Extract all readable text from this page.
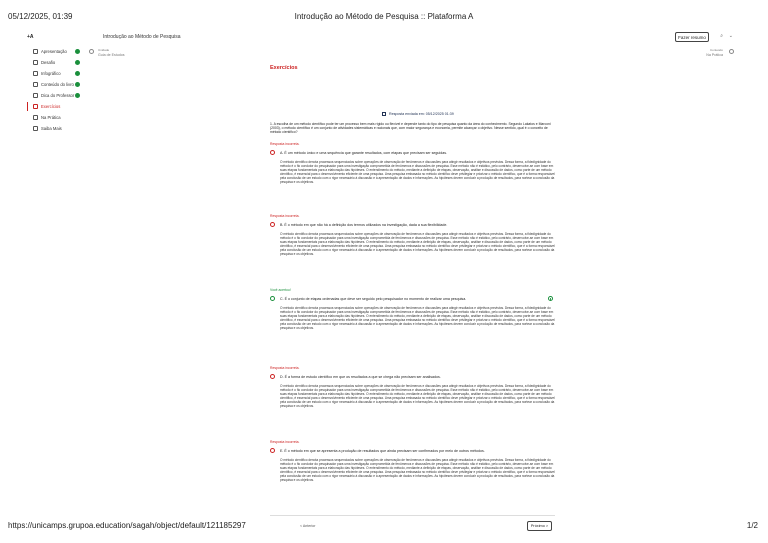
05/12/2025, 01:39	Introdução ao Método de Pesquisa :: Plataforma A
+A	Introdução ao Método de Pesquisa	Fazer resumo	⌕ ⌄
Apresentação
Desafio
Infográfico
Conteúdo do livro
Dica do Professor
Exercícios
Na Prática
Saiba Mais
Unidade
Guia de Estudos
Conteúdo
Na Prática
Exercícios
Resposta enviada em: 05/12/2025 01:39
1. A escolha de um método científico pode ter um processo bem mais rígido ou flexível e depende tanto do tipo de pesquisa quanto da área do conhecimento. Segundo Lakatos e Marconi (2003), o método científico é um conjunto de atividades sistemáticas e racionais que, com maior segurança e economia, permite alcançar o objetivo. Nesse sentido, qual é o conceito de método científico?
Resposta incorreta.
A. É um método único e uma sequência que garante resultados, com etapas que precisam ser seguidas.
O método científico denota processos sequenciados sobre operações de observação de fenômenos e discussões para atingir resultados e objetivos previstos. Dessa forma, a fidedignidade do método é o fio condutor do pesquisador para uma investigação comprometida de fenômenos e discussões de pesquisa. Esse método não é estático, pelo contrário, desenvolve-se com base em suas etapas fundamentais para a elaboração das hipóteses. O entendimento do método, mediante a definição de etapas, observação, análise e discussão de dados, como parte de um método científico, é essencial para o desenvolvimento eficiente de uma pesquisa. Uma pesquisa embasada no método científico deve privilegiar e priorizar o método científico, que é a forma responsável pela conclusão de um estudo com o rigor necessário à discussão e à apresentação de dados e informações. As hipóteses devem conduzir a produção de resultados, para nortear a conclusão da pesquisa e os objetivos.
Resposta incorreta.
B. É o método em que não há a definição dos termos utilizados na investigação, dada a sua flexibilidade.
O método científico denota processos sequenciados sobre operações de observação de fenômenos e discussões para atingir resultados e objetivos previstos. Dessa forma, a fidedignidade do método é o fio condutor do pesquisador para uma investigação comprometida de fenômenos e discussões de pesquisa. Esse método não é estático, pelo contrário, desenvolve-se com base em suas etapas fundamentais para a elaboração das hipóteses. O entendimento do método, mediante a definição de etapas, observação, análise e discussão de dados, como parte de um método científico, é essencial para o desenvolvimento eficiente de uma pesquisa. Uma pesquisa embasada no método científico deve privilegiar e priorizar o método científico, que é a forma responsável pela conclusão de um estudo com o rigor necessário à discussão e à apresentação de dados e informações. As hipóteses devem conduzir a produção de resultados, para nortear a conclusão da pesquisa e os objetivos.
Você acertou!
C. É o conjunto de etapas ordenadas que deve ser seguido pelo pesquisador no momento de realizar uma pesquisa.
O método científico denota processos sequenciados sobre operações de observação de fenômenos e discussões para atingir resultados e objetivos previstos. Dessa forma, a fidedignidade do método é o fio condutor do pesquisador para uma investigação comprometida de fenômenos e discussões de pesquisa. Esse método não é estático, pelo contrário, desenvolve-se com base em suas etapas fundamentais para a elaboração das hipóteses. O entendimento do método, mediante a definição de etapas, observação, análise e discussão de dados, como parte de um método científico, é essencial para o desenvolvimento eficiente de uma pesquisa. Uma pesquisa embasada no método científico deve privilegiar e priorizar o método científico, que é a forma responsável pela conclusão de um estudo com o rigor necessário à discussão e à apresentação de dados e informações. As hipóteses devem conduzir a produção de resultados, para nortear a conclusão da pesquisa e os objetivos.
Resposta incorreta.
D. É a forma de estudo científico em que os resultados a que se chega não precisam ser analisados.
O método científico denota processos sequenciados sobre operações de observação de fenômenos e discussões para atingir resultados e objetivos previstos. Dessa forma, a fidedignidade do método é o fio condutor do pesquisador para uma investigação comprometida de fenômenos e discussões de pesquisa. Esse método não é estático, pelo contrário, desenvolve-se com base em suas etapas fundamentais para a elaboração das hipóteses. O entendimento do método, mediante a definição de etapas, observação, análise e discussão de dados, como parte de um método científico, é essencial para o desenvolvimento eficiente de uma pesquisa. Uma pesquisa embasada no método científico deve privilegiar e priorizar o método científico, que é a forma responsável pela conclusão de um estudo com o rigor necessário à discussão e à apresentação de dados e informações. As hipóteses devem conduzir a produção de resultados, para nortear a conclusão da pesquisa e os objetivos.
Resposta incorreta.
E. É o método em que se apresenta a produção de resultados que ainda precisam ser confirmados por meio de outros métodos.
O método científico denota processos sequenciados sobre operações de observação de fenômenos e discussões para atingir resultados e objetivos previstos. Dessa forma, a fidedignidade do método é o fio condutor do pesquisador para uma investigação comprometida de fenômenos e discussões de pesquisa. Esse método não é estático, pelo contrário, desenvolve-se com base em suas etapas fundamentais para a elaboração das hipóteses. O entendimento do método, mediante a definição de etapas, observação, análise e discussão de dados, como parte de um método científico, é essencial para o desenvolvimento eficiente de uma pesquisa. Uma pesquisa embasada no método científico deve privilegiar e priorizar o método científico, que é a forma responsável pela conclusão de um estudo com o rigor necessário à discussão e à apresentação de dados e informações. As hipóteses devem conduzir a produção de resultados, para nortear a conclusão da pesquisa e os objetivos.
< Anterior	Próximo >
https://unicamps.grupoa.education/sagah/object/default/121185297	1/2
